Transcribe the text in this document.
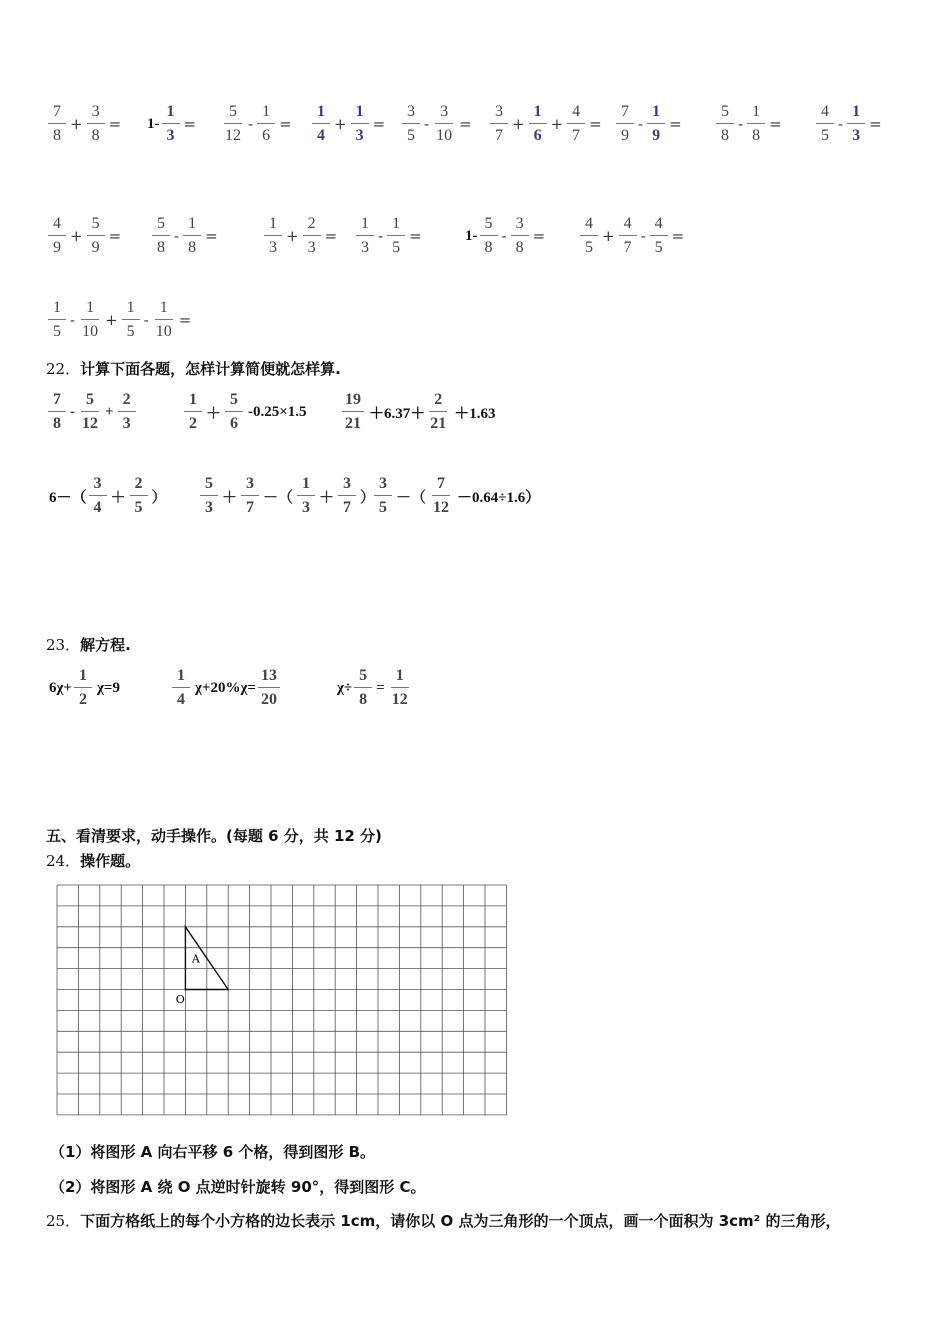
$\frac{7}{8} + \frac{3}{8} = 1- \frac{1}{3} = \frac{5}{12} - \frac{1}{6} = \frac{1}{4} + \frac{1}{3} = \frac{3}{5} - \frac{3}{10} = \frac{3}{7} + \frac{1}{6} + \frac{4}{7} = \frac{7}{9} - \frac{1}{9} = \frac{5}{8} - \frac{1}{8} = \frac{4}{5} - \frac{1}{3}$ =
$\frac{4}{9} + \frac{5}{9} = \frac{5}{8} - \frac{1}{8}$ =	$\frac{1}{3} + \frac{2}{3} = \frac{1}{3} - \frac{1}{5}$ =	$1- \frac{5}{8} - \frac{3}{8} = \frac{4}{5} + \frac{4}{7} - \frac{4}{5}$ =
$\frac{1}{5} - \frac{1}{10} + \frac{1}{5} - \frac{1}{10}$ =
22．计算下面各题，怎样计算简便就怎样算.
$\frac{7}{8} - \frac{5}{12} + \frac{2}{3}$	$\frac{1}{2} + \frac{5}{6} -0.25\times 1.5 \frac{19}{21} +6.37+ \frac{2}{21} +1.63$
$6-( \frac{3}{4} + \frac{2}{5}$ ） $\frac{5}{3} + \frac{3}{7}$ －（ $\frac{1}{3} + \frac{3}{7}$ ）
$\frac{3}{5}$ －（ $\frac{7}{12} -0.64\div 1.6$）
23．解方程.
$6\chi+ \frac{1}{2} \chi=9$	$\frac{1}{4} \chi+20\%\chi= \frac{13}{20}$	$\chi\div \frac{5}{8} = \frac{1}{12}$
五、看清要求，动手操作。(每题 6 分，共 12 分)
24．操作题。
A
O
（1）将图形 A 向右平移 6 个格，得到图形 B。
（2）将图形 A 绕 O 点逆时针旋转 90°，得到图形 C。
25．下面方格纸上的每个小方格的边长表示 1cm，请你以 O 点为三角形的一个顶点，画一个面积为 3cm² 的三角形，
